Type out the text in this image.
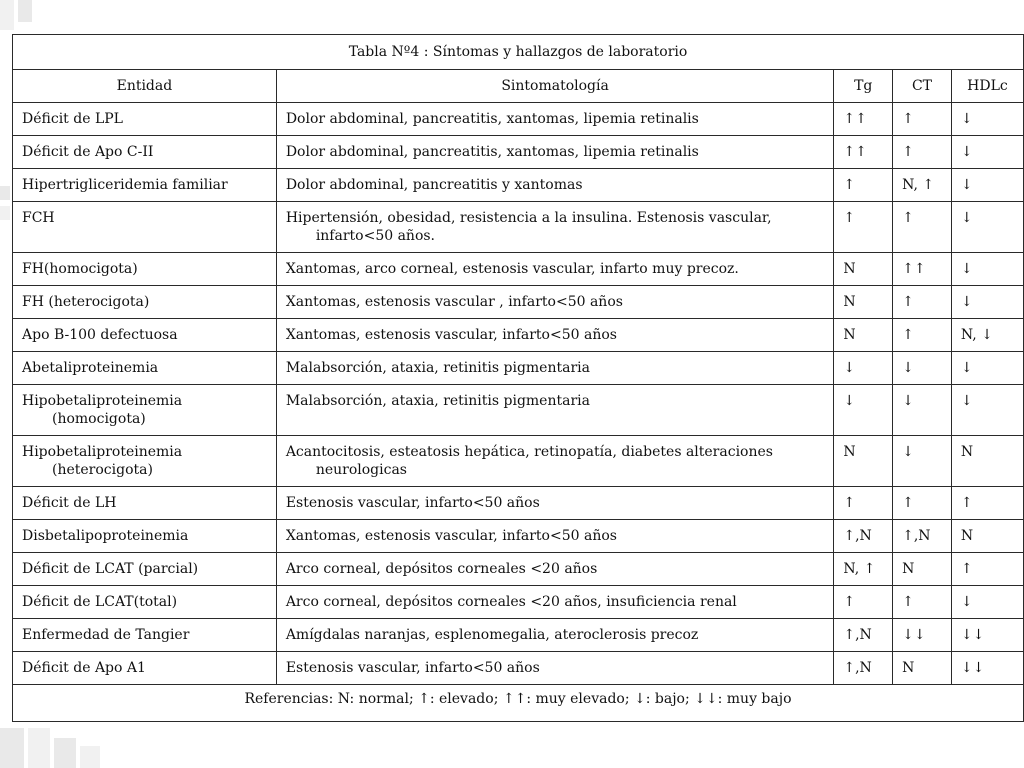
Tabla Nº4 : Síntomas y hallazgos de laboratorio				
Entidad	Sintomatología	Tg	CT	HDLc

Déficit de LPL	Dolor abdominal, pancreatitis, xantomas, lipemia retinalis	↑↑	↑	↓

Déficit de Apo C-II	Dolor abdominal, pancreatitis, xantomas, lipemia retinalis	↑↑	↑	↓

Hipertrigliceridemia familiar	Dolor abdominal, pancreatitis y xantomas	↑	N, ↑	↓

FCH	Hipertensión, obesidad, resistencia a la insulina. Estenosis vascular,
infarto<50 años.	↑	↑	↓

FH(homocigota)	Xantomas, arco corneal, estenosis vascular, infarto muy precoz.	N	↑↑	↓

FH (heterocigota)	Xantomas, estenosis vascular , infarto<50 años	N	↑	↓

Apo B-100 defectuosa	Xantomas, estenosis vascular, infarto<50 años	N	↑	N, ↓

Abetaliproteinemia	Malabsorción, ataxia, retinitis pigmentaria	↓	↓	↓

Hipobetaliproteinemia
(homocigota)	Malabsorción, ataxia, retinitis pigmentaria	↓	↓	↓

Hipobetaliproteinemia
(heterocigota)	Acantocitosis, esteatosis hepática, retinopatía, diabetes alteraciones
neurologicas	N	↓	N

Déficit de LH	Estenosis vascular, infarto<50 años	↑	↑	↑

Disbetalipoproteinemia	Xantomas, estenosis vascular, infarto<50 años	↑,N	↑,N	N

Déficit de LCAT (parcial)	Arco corneal, depósitos corneales <20 años	N, ↑	N	↑

Déficit de LCAT(total)	Arco corneal, depósitos corneales <20 años, insuficiencia renal	↑	↑	↓

Enfermedad de Tangier	Amígdalas naranjas, esplenomegalia, ateroclerosis precoz	↑,N	↓↓	↓↓

Déficit de Apo A1	Estenosis vascular, infarto<50 años	↑,N	N	↓↓
Referencias: N: normal; ↑: elevado; ↑↑: muy elevado; ↓: bajo; ↓↓: muy bajo				
